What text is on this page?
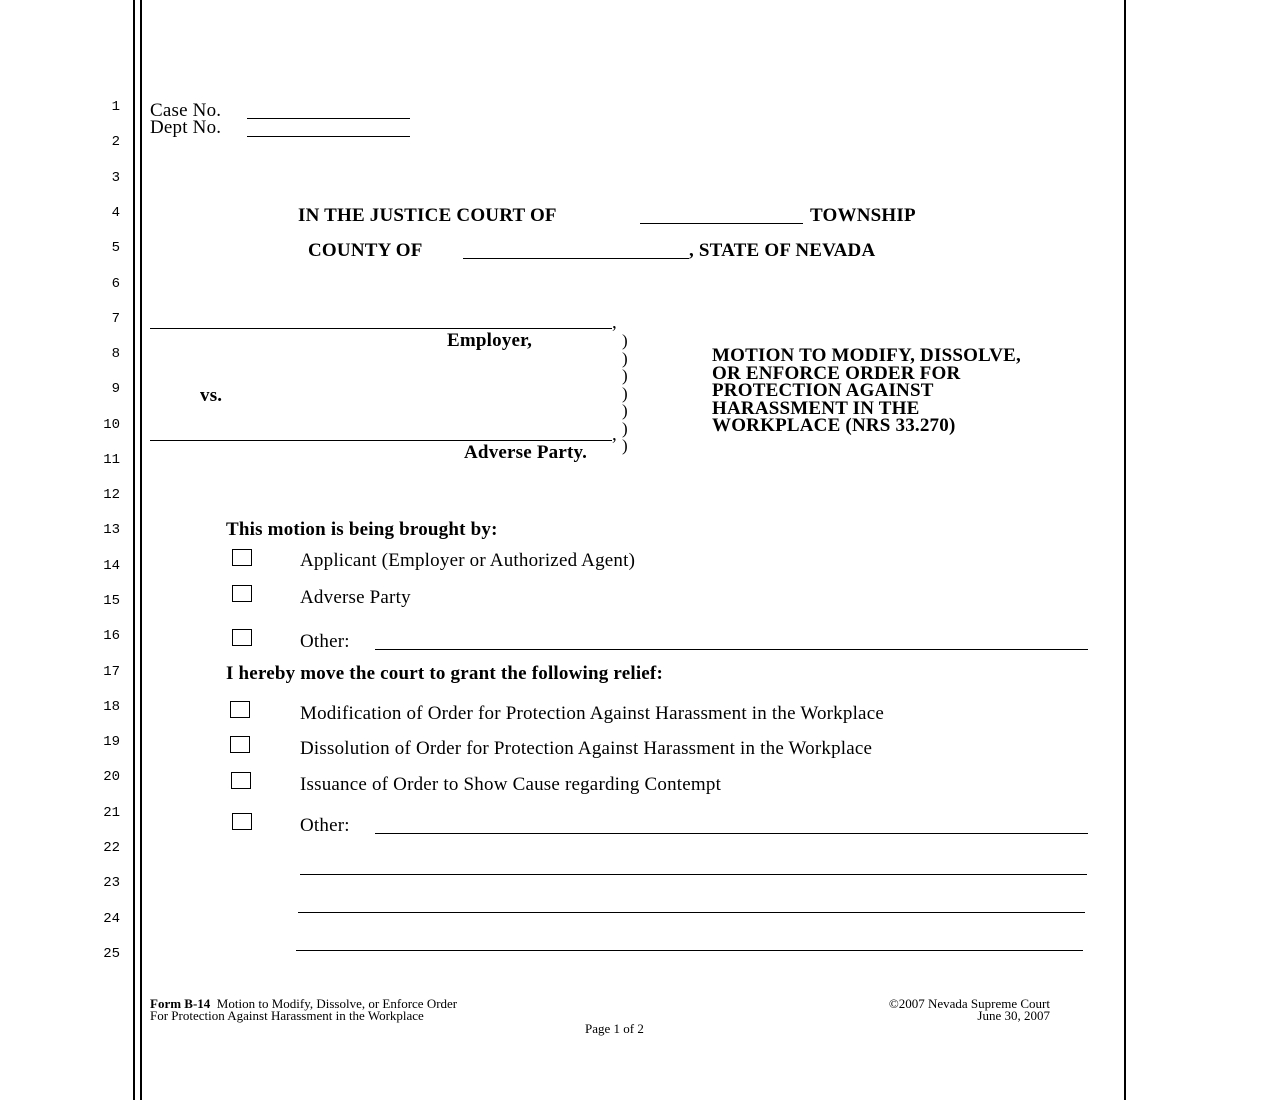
1
2
3
4
5
6
7
8
9
10
11
12
13
14
15
16
17
18
19
20
21
22
23
24
25
Case No.
Dept No.
IN THE JUSTICE COURT OF	TOWNSHIP
COUNTY OF	, STATE OF NEVADA
,
Employer,
vs.
,
Adverse Party.
)
)
)
)
)
)
)
MOTION TO MODIFY, DISSOLVE,
OR ENFORCE ORDER FOR
PROTECTION AGAINST
HARASSMENT IN THE
WORKPLACE (NRS 33.270)
This motion is being brought by:
Applicant (Employer or Authorized Agent)
Adverse Party
Other:
I hereby move the court to grant the following relief:
Modification of Order for Protection Against Harassment in the Workplace
Dissolution of Order for Protection Against Harassment in the Workplace
Issuance of Order to Show Cause regarding Contempt
Other:
Form B-14 Motion to Modify, Dissolve, or Enforce Order
For Protection Against Harassment in the Workplace
©2007 Nevada Supreme Court
June 30, 2007
Page 1 of 2
